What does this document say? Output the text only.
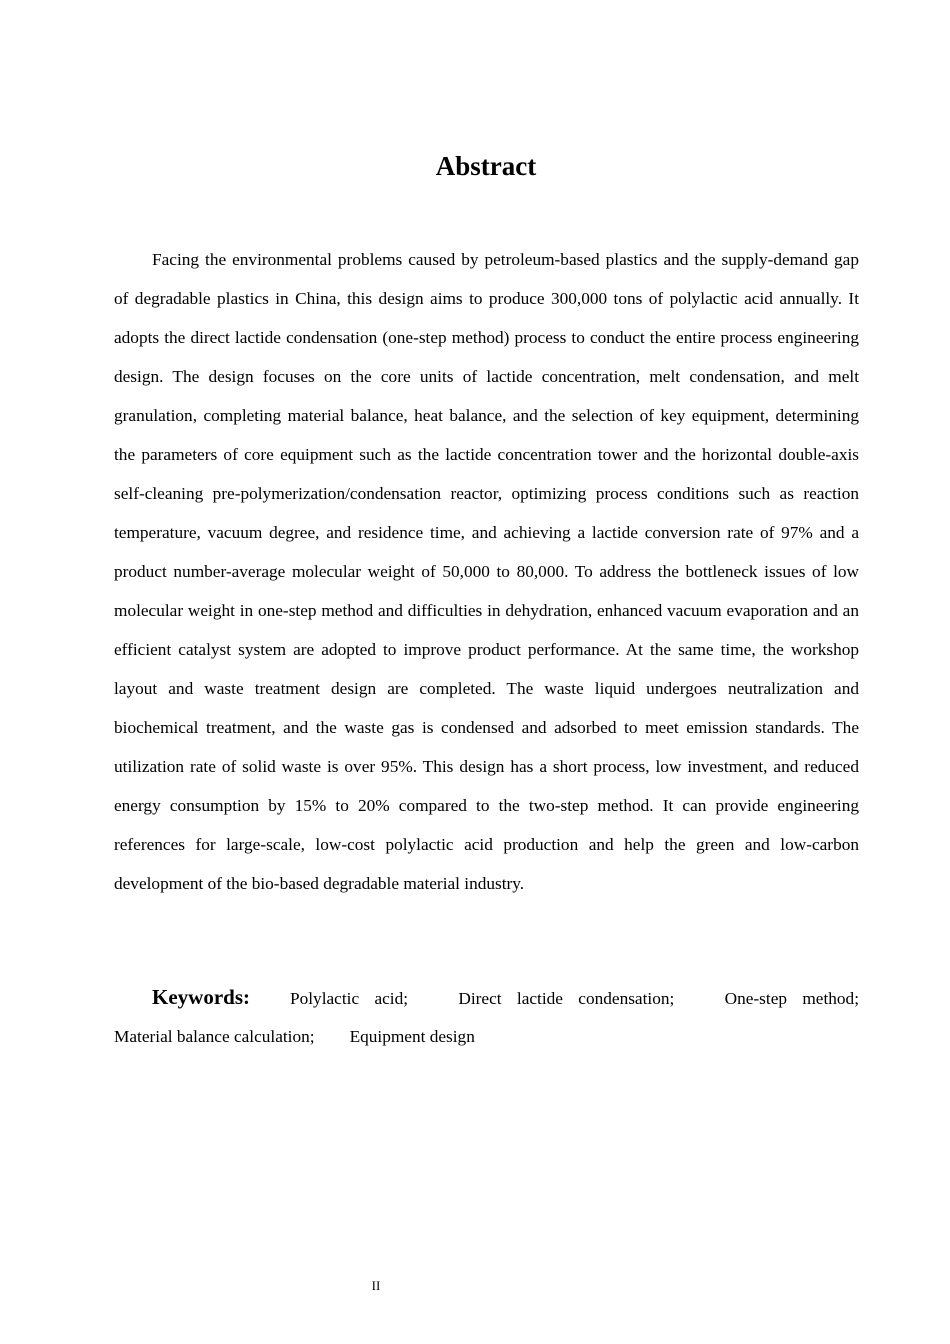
Abstract

Facing the environmental problems caused by petroleum-based plastics and the supply-demand gap of degradable plastics in China, this design aims to produce 300,000 tons of polylactic acid annually. It adopts the direct lactide condensation (one-step method) process to conduct the entire process engineering design. The design focuses on the core units of lactide concentration, melt condensation, and melt granulation, completing material balance, heat balance, and the selection of key equipment, determining the parameters of core equipment such as the lactide concentration tower and the horizontal double-axis self-cleaning pre-polymerization/condensation reactor, optimizing process conditions such as reaction temperature, vacuum degree, and residence time, and achieving a lactide conversion rate of 97% and a product number-average molecular weight of 50,000 to 80,000. To address the bottleneck issues of low molecular weight in one-step method and difficulties in dehydration, enhanced vacuum evaporation and an efficient catalyst system are adopted to improve product performance. At the same time, the workshop layout and waste treatment design are completed. The waste liquid undergoes neutralization and biochemical treatment, and the waste gas is condensed and adsorbed to meet emission standards. The utilization rate of solid waste is over 95%. This design has a short process, low investment, and reduced energy consumption by 15% to 20% compared to the two-step method. It can provide engineering references for large-scale, low-cost polylactic acid production and help the green and low-carbon development of the bio-based degradable material industry.

Keywords: Polylactic acid;	Direct lactide condensation;	One-step method; Material balance calculation; Equipment design

II
